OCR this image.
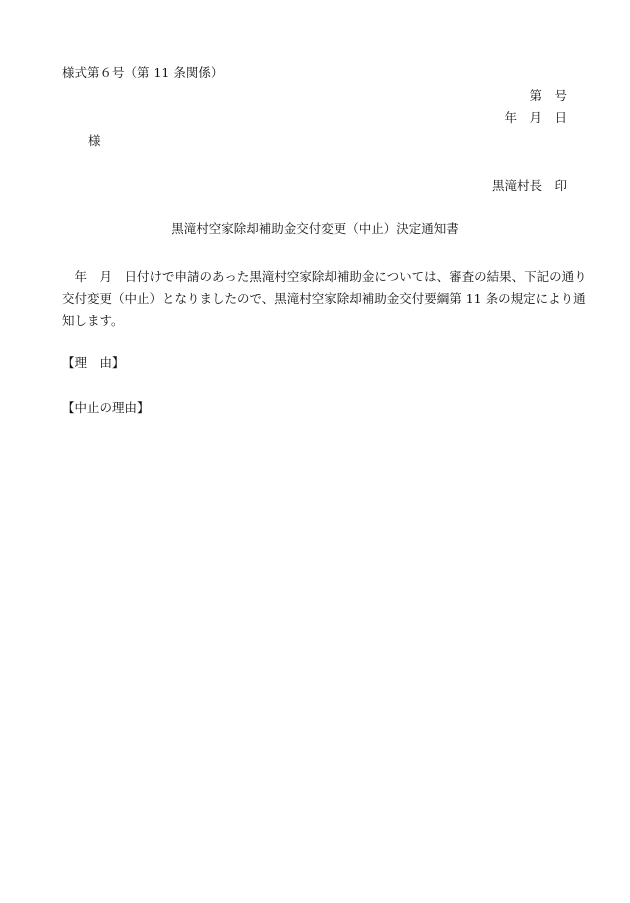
様式第６号（第 11 条関係）
第　号
年　月　日
様
黒滝村長　印
黒滝村空家除却補助金交付変更（中止）決定通知書
　年　月　日付けで申請のあった黒滝村空家除却補助金については、審査の結果、下記の通り
交付変更（中止）となりましたので、黒滝村空家除却補助金交付要綱第 11 条の規定により通
知します。
【理　由】
【中止の理由】
